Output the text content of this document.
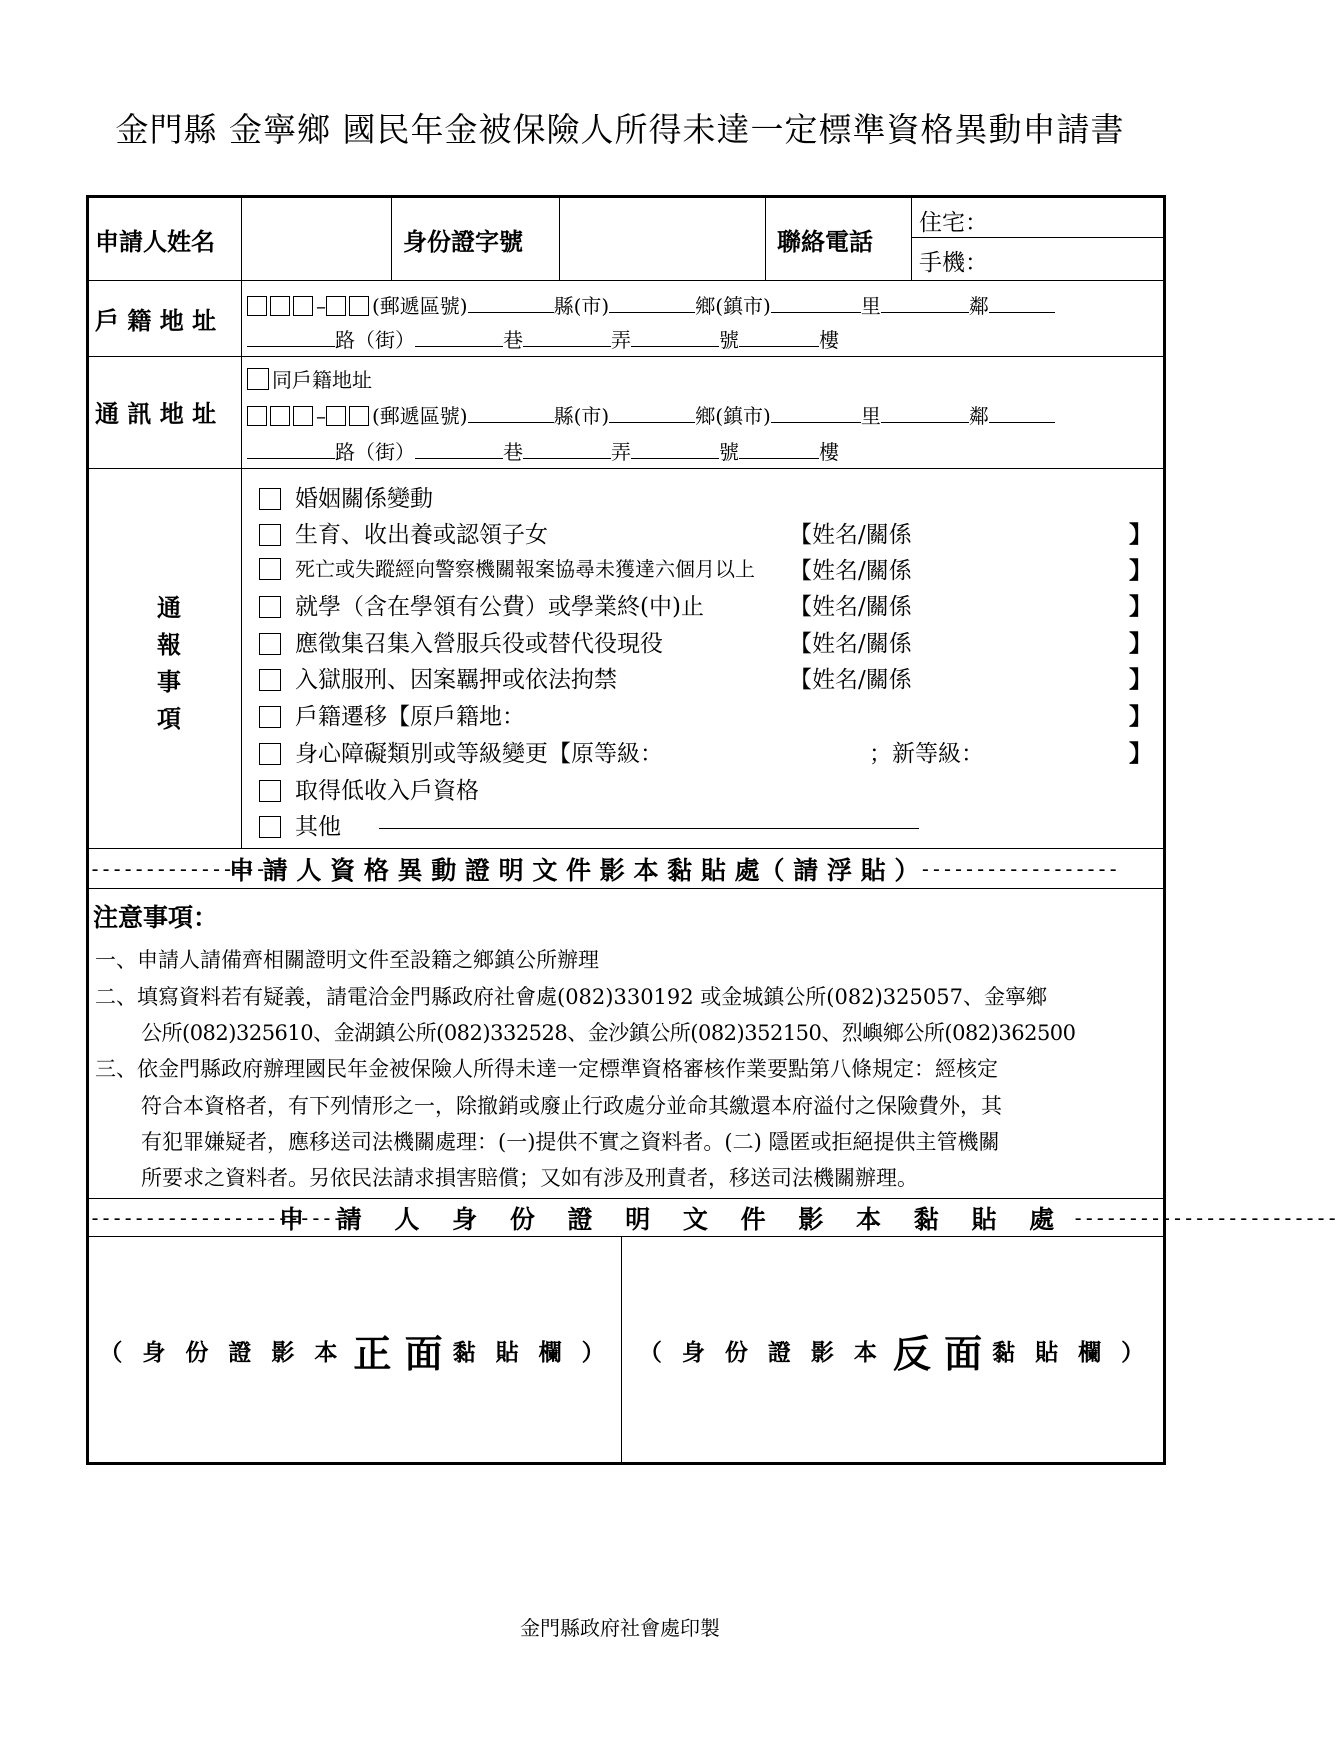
金門縣 金寧鄉 國民年金被保險人所得未達一定標準資格異動申請書
申請人姓名	身份證字號	聯絡電話
住宅：
手機：
戶 籍 地 址
– (郵遞區號)	縣(市)	鄉(鎮市)	里	鄰
路（街）	巷	弄	號	樓
通 訊 地 址
同戶籍地址
– (郵遞區號)	縣(市)	鄉(鎮市)	里	鄰
路（街）	巷	弄	號	樓
通
報
事
項
婚姻關係變動
生育、收出養或認領子女	【姓名/關係	】
死亡或失蹤經向警察機關報案協尋未獲達六個月以上 【姓名/關係	】
就學（含在學領有公費）或學業終(中)止	【姓名/關係	】
應徵集召集入營服兵役或替代役現役	【姓名/關係	】
入獄服刑、因案羈押或依法拘禁	【姓名/關係	】
戶籍遷移【原戶籍地：	】
身心障礙類別或等級變更【原等級：	；新等級：	】
取得低收入戶資格
其他
------------------
申 請 人 資 格 異 動 證 明 文 件 影 本 黏 貼 處（ 請 浮 貼 ） ------------------
注意事項：
一、申請人請備齊相關證明文件至設籍之鄉鎮公所辦理
二、填寫資料若有疑義，請電洽金門縣政府社會處(082)330192 或金城鎮公所(082)325057、金寧鄉
公所(082)325610、金湖鎮公所(082)332528、金沙鎮公所(082)352150、烈嶼鄉公所(082)362500
三、依金門縣政府辦理國民年金被保險人所得未達一定標準資格審核作業要點第八條規定：經核定
符合本資格者，有下列情形之一，除撤銷或廢止行政處分並命其繳還本府溢付之保險費外，其
有犯罪嫌疑者，應移送司法機關處理：(一)提供不實之資料者。(二) 隱匿或拒絕提供主管機關
所要求之資料者。另依民法請求損害賠償；又如有涉及刑責者，移送司法機關辦理。
------------------------
申 請 人 身 份 證 明 文 件 影 本 黏 貼 處 ------------------------
（ 身 份 證 影 本 正 面 黏 貼 欄 ） （ 身 份 證 影 本 反 面 黏 貼 欄 ）
金門縣政府社會處印製
